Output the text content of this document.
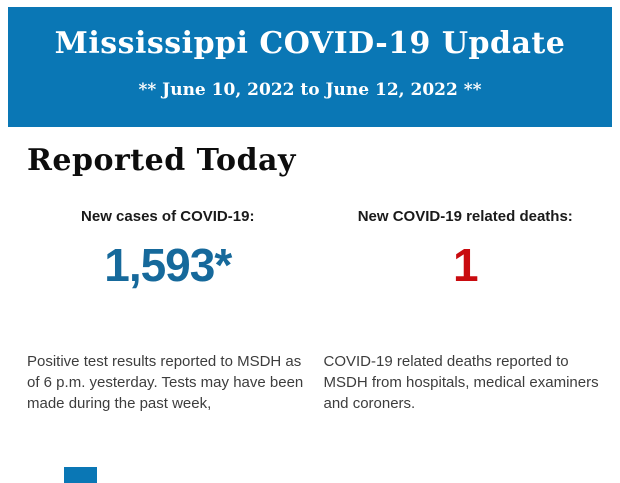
Mississippi COVID-19 Update
** June 10, 2022 to June 12, 2022 **
Reported Today
New cases of COVID-19:
1,593*
Positive test results reported to MSDH as of 6 p.m. yesterday. Tests may have been made during the past week,
New COVID-19 related deaths:
1
COVID-19 related deaths reported to MSDH from hospitals, medical examiners and coroners.
